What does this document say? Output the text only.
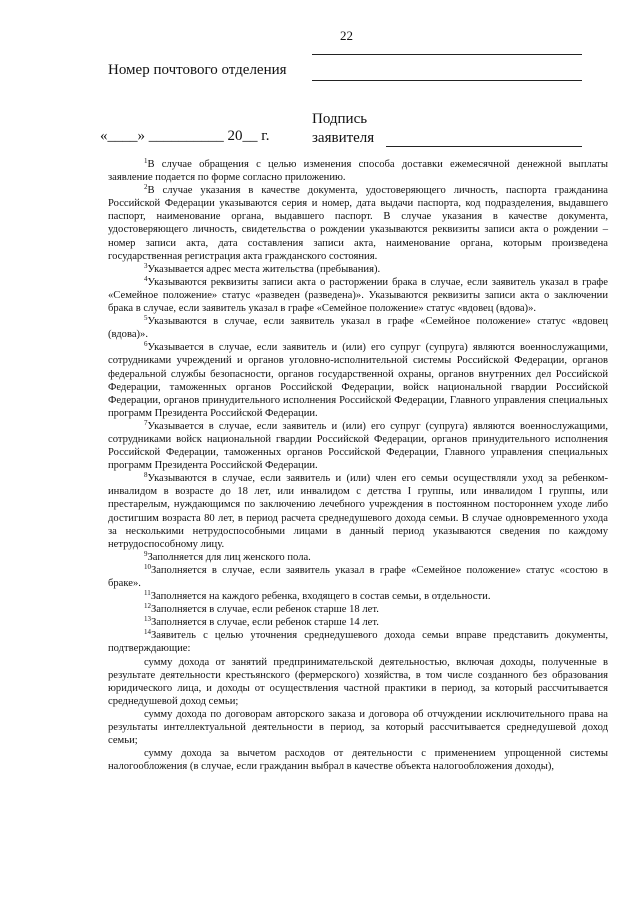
22
Номер почтового отделения
Подпись
заявителя
«____» __________ 20__ г.

$^1$В случае обращения с целью изменения способа доставки ежемесячной денежной выплаты заявление подается по форме согласно приложению.

$^2$В случае указания в качестве документа, удостоверяющего личность, паспорта гражданина Российской Федерации указываются серия и номер, дата выдачи паспорта, код подразделения, выдавшего паспорт, наименование органа, выдавшего паспорт. В случае указания в качестве документа, удостоверяющего личность, свидетельства о рождении указываются реквизиты записи акта о рождении – номер записи акта, дата составления записи акта, наименование органа, которым произведена государственная регистрация акта гражданского состояния.

$^3$Указывается адрес места жительства (пребывания).

$^4$Указываются реквизиты записи акта о расторжении брака в случае, если заявитель указал в графе «Семейное положение» статус «разведен (разведена)». Указываются реквизиты записи акта о заключении брака в случае, если заявитель указал в графе «Семейное положение» статус «вдовец (вдова)».

$^5$Указываются в случае, если заявитель указал в графе «Семейное положение» статус «вдовец (вдова)».

$^6$Указывается в случае, если заявитель и (или) его супруг (супруга) являются военнослужащими, сотрудниками учреждений и органов уголовно-исполнительной системы Российской Федерации, органов федеральной службы безопасности, органов государственной охраны, органов внутренних дел Российской Федерации, таможенных органов Российской Федерации, войск национальной гвардии Российской Федерации, органов принудительного исполнения Российской Федерации, Главного управления специальных программ Президента Российской Федерации.

$^7$Указывается в случае, если заявитель и (или) его супруг (супруга) являются военнослужащими, сотрудниками войск национальной гвардии Российской Федерации, органов принудительного исполнения Российской Федерации, таможенных органов Российской Федерации, Главного управления специальных программ Президента Российской Федерации.

$^8$Указываются в случае, если заявитель и (или) член его семьи осуществляли уход за ребенком-инвалидом в возрасте до 18 лет, или инвалидом с детства I группы, или инвалидом I группы, или престарелым, нуждающимся по заключению лечебного учреждения в постоянном постороннем уходе либо достигшим возраста 80 лет, в период расчета среднедушевого дохода семьи. В случае одновременного ухода за несколькими нетрудоспособными лицами в данный период указываются сведения по каждому нетрудоспособному лицу.

$^9$Заполняется для лиц женского пола.

$^{10}$Заполняется в случае, если заявитель указал в графе «Семейное положение» статус «состою в браке».

$^{11}$Заполняется на каждого ребенка, входящего в состав семьи, в отдельности.

$^{12}$Заполняется в случае, если ребенок старше 18 лет.

$^{13}$Заполняется в случае, если ребенок старше 14 лет.

$^{14}$Заявитель с целью уточнения среднедушевого дохода семьи вправе представить документы, подтверждающие:

сумму дохода от занятий предпринимательской деятельностью, включая доходы, полученные в результате деятельности крестьянского (фермерского) хозяйства, в том числе созданного без образования юридического лица, и доходы от осуществления частной практики в период, за который рассчитывается среднедушевой доход семьи;

сумму дохода по договорам авторского заказа и договора об отчуждении исключительного права на результаты интеллектуальной деятельности в период, за который рассчитывается среднедушевой доход семьи;

сумму дохода за вычетом расходов от деятельности с применением упрощенной системы налогообложения (в случае, если гражданин выбрал в качестве объекта налогообложения доходы),
